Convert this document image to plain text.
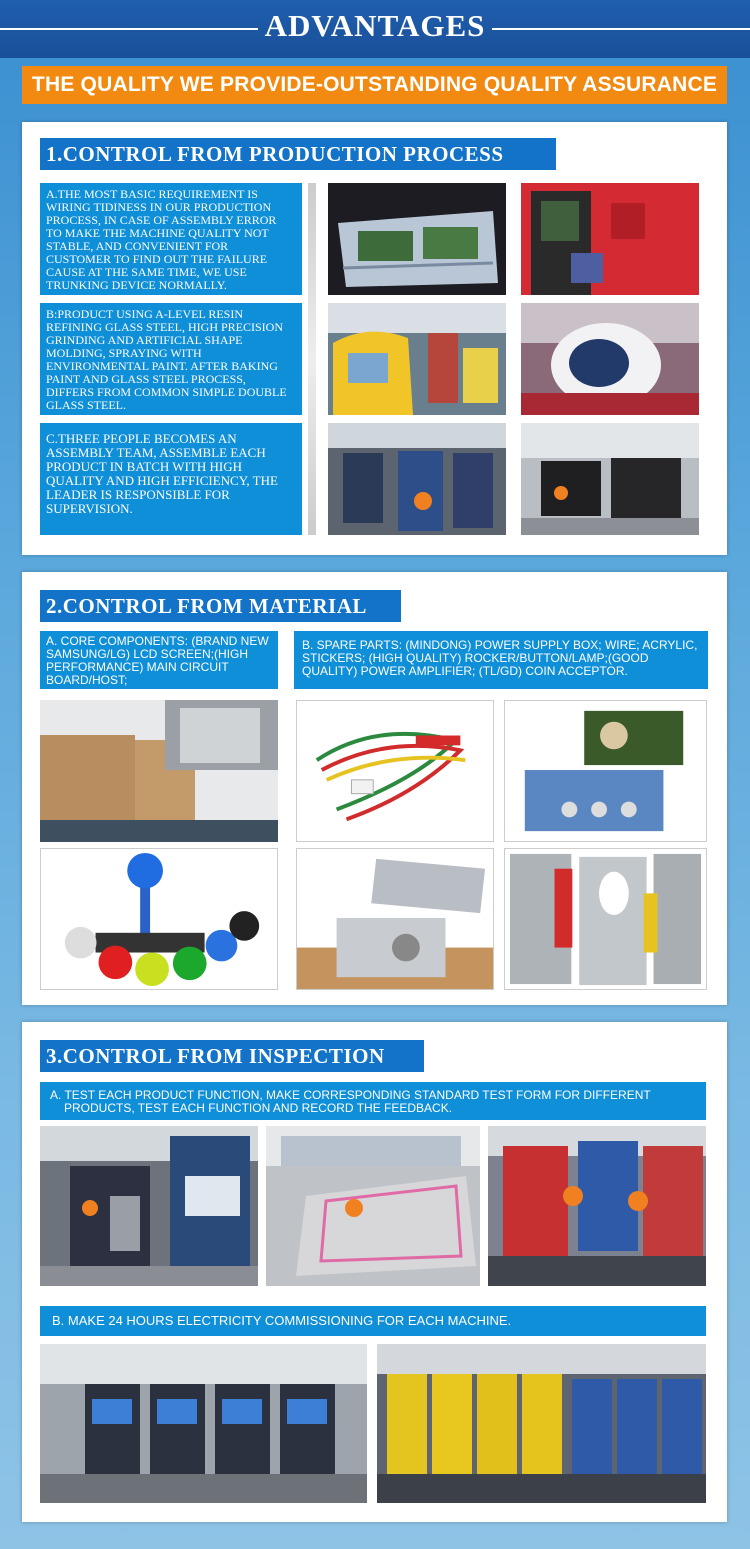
ADVANTAGES
THE QUALITY WE PROVIDE-OUTSTANDING QUALITY ASSURANCE
1.CONTROL FROM PRODUCTION PROCESS
A.THE MOST BASIC REQUIREMENT IS WIRING TIDINESS IN OUR PRODUCTION PROCESS, IN CASE OF ASSEMBLY ERROR TO MAKE THE MACHINE QUALITY NOT STABLE, AND CONVENIENT FOR CUSTOMER TO FIND OUT THE FAILURE CAUSE AT THE SAME TIME, WE USE TRUNKING DEVICE NORMALLY.
B:PRODUCT USING A-LEVEL RESIN REFINING GLASS STEEL, HIGH PRECISION GRINDING AND ARTIFICIAL SHAPE MOLDING, SPRAYING WITH ENVIRONMENTAL PAINT. AFTER BAKING PAINT AND GLASS STEEL PROCESS, DIFFERS FROM COMMON SIMPLE DOUBLE GLASS STEEL.
C.THREE PEOPLE BECOMES AN ASSEMBLY TEAM, ASSEMBLE EACH PRODUCT IN BATCH WITH HIGH QUALITY AND HIGH EFFICIENCY, THE LEADER IS RESPONSIBLE FOR SUPERVISION.
2.CONTROL FROM MATERIAL
A. CORE COMPONENTS: (BRAND NEW SAMSUNG/LG) LCD SCREEN;(HIGH PERFORMANCE) MAIN CIRCUIT BOARD/HOST;
B. SPARE PARTS: (MINDONG) POWER SUPPLY BOX; WIRE; ACRYLIC, STICKERS; (HIGH QUALITY) ROCKER/BUTTON/LAMP;(GOOD QUALITY) POWER AMPLIFIER; (TL/GD) COIN ACCEPTOR.
3.CONTROL FROM INSPECTION
A. TEST EACH PRODUCT FUNCTION, MAKE CORRESPONDING STANDARD TEST FORM FOR DIFFERENT PRODUCTS, TEST EACH FUNCTION AND RECORD THE FEEDBACK.
B. MAKE 24 HOURS ELECTRICITY COMMISSIONING FOR EACH MACHINE.
